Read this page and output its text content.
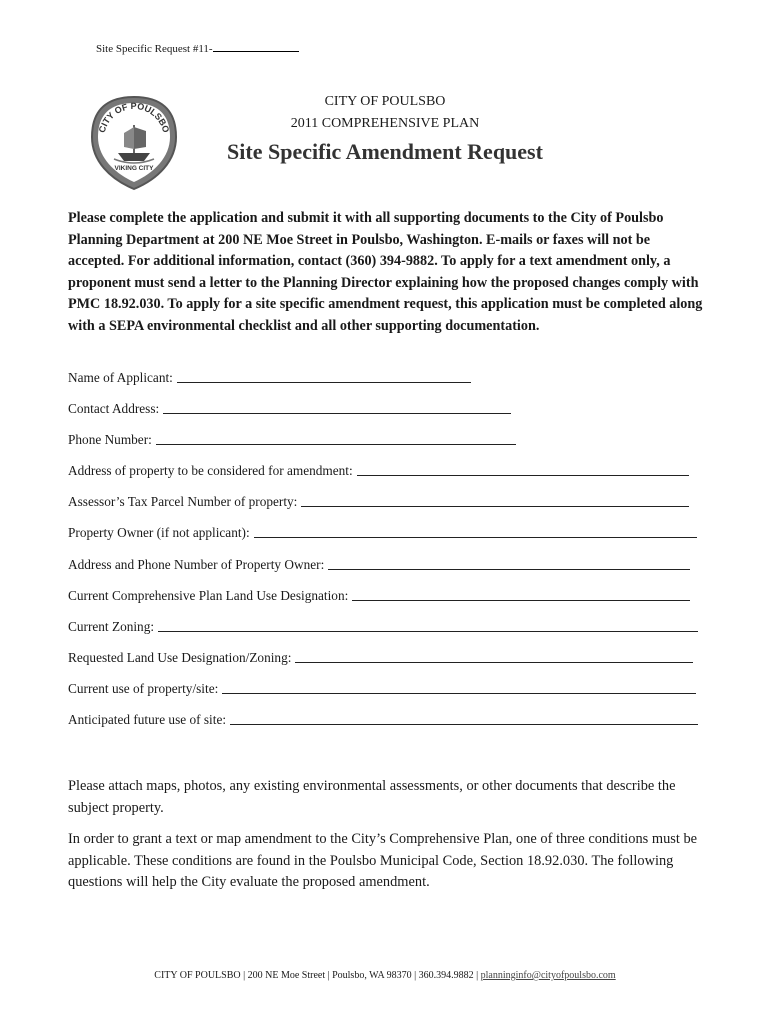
Site Specific Request #11-
CITY OF POULSBO
VIKING CITY
CITY OF POULSBO
2011 COMPREHENSIVE PLAN
Site Specific Amendment Request
Please complete the application and submit it with all supporting documents to the City of Poulsbo Planning Department at 200 NE Moe Street in Poulsbo, Washington. E-mails or faxes will not be accepted. For additional information, contact (360) 394-9882. To apply for a text amendment only, a proponent must send a letter to the Planning Director explaining how the proposed changes comply with PMC 18.92.030. To apply for a site specific amendment request, this application must be completed along with a SEPA environmental checklist and all other supporting documentation.
Name of Applicant:
Contact Address:
Phone Number:
Address of property to be considered for amendment:
Assessor’s Tax Parcel Number of property:
Property Owner (if not applicant):
Address and Phone Number of Property Owner:
Current Comprehensive Plan Land Use Designation:
Current Zoning:
Requested Land Use Designation/Zoning:
Current use of property/site:
Anticipated future use of site:
Please attach maps, photos, any existing environmental assessments, or other documents that describe the subject property.
In order to grant a text or map amendment to the City’s Comprehensive Plan, one of three conditions must be applicable. These conditions are found in the Poulsbo Municipal Code, Section 18.92.030. The following questions will help the City evaluate the proposed amendment.
CITY OF POULSBO | 200 NE Moe Street | Poulsbo, WA 98370 | 360.394.9882 | planninginfo@cityofpoulsbo.com
